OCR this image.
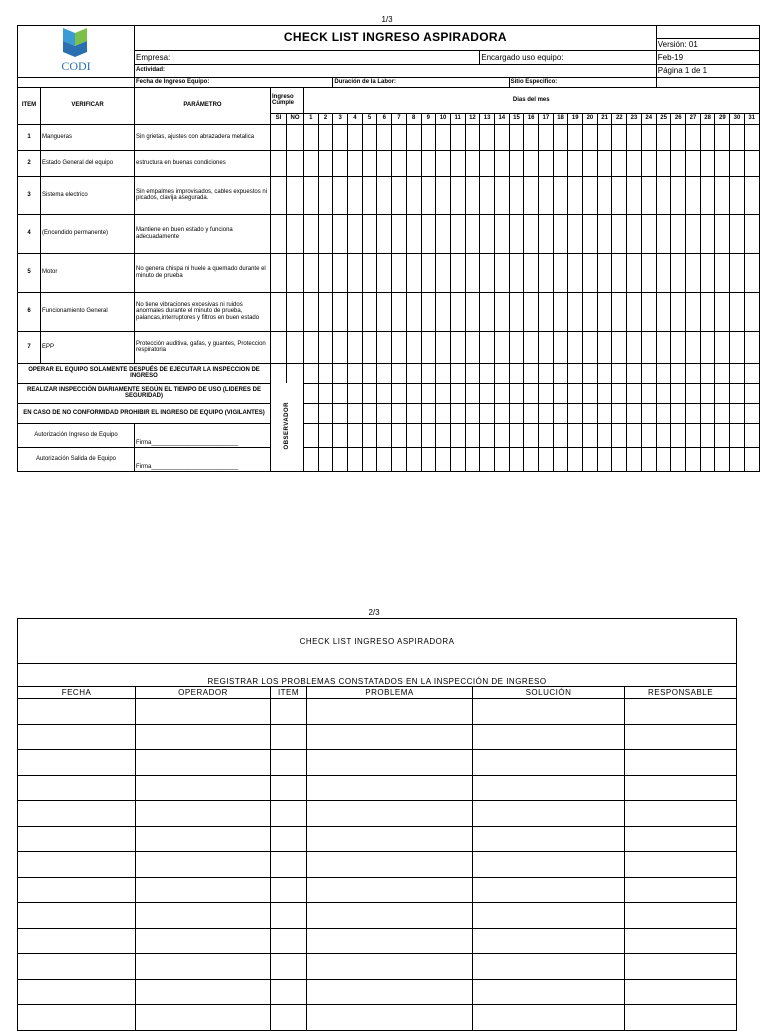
1/3
CODI		CHECK LIST INGRESO ASPIRADORA																																	
																													Versión: 01						
		Empresa:															Encargado uso equipo:												Feb-19						
		Actividad:																											Página 1 de 1						
		Fecha de Ingreso Equipo:					Duración de la Labor:												Sitio Especifico:																
ITEM	VERIFICAR	PARÁMETRO	Ingreso Cumple		Dias del mes																														
			SI	NO	1	2	3	4	5	6	7	8	9	10	11	12	13	14	15	16	17	18	19	20	21	22	23	24	25	26	27	28	29	30	31
1	Mangueras	Sin grietas, ajustes con abrazadera metalica																																	
2	Estado General del equipo	estructura en buenas condiciones																																	
3	Sistema electrico	Sin empalmes improvisados, cables expuestos ni picados, clavija asegurada.																																	
4	(Encendido permanente)	Mantiene en buen estado y funciona adecuadamente																																	
5	Motor	No genera chispa ni huele a quemado durante el minuto de prueba																																	
6	Funcionamiento General	No tiene vibraciones excesivas ni ruidos anormales durante el minuto de prueba, palancas,interruptores y filtros en buen estado																																	
7	EPP	Protección auditiva, gafas, y guantes, Proteccion respiratoria																																	
OPERAR EL EQUIPO SOLAMENTE DESPUÉS DE EJECUTAR LA INSPECCION DE INGRESO																																			
REALIZAR INSPECCIÓN DIARIAMENTE SEGÚN EL TIEMPO DE USO (LIDERES DE SEGURIDAD)			OBSERVADOR																																
EN CASO DE NO CONFORMIDAD PROHIBIR EL INGRESO DE EQUIPO (VIGILANTES)																																			
Autorización Ingreso de Equipo		Firma__________________________																																	
Autorización Salida de Equipo		Firma__________________________																																	
2/3
CHECK LIST INGRESO ASPIRADORA					
REGISTRAR LOS PROBLEMAS CONSTATADOS EN LA INSPECCIÓN DE INGRESO					
FECHA	OPERADOR	ITEM	PROBLEMA	SOLUCIÓN	RESPONSABLE
